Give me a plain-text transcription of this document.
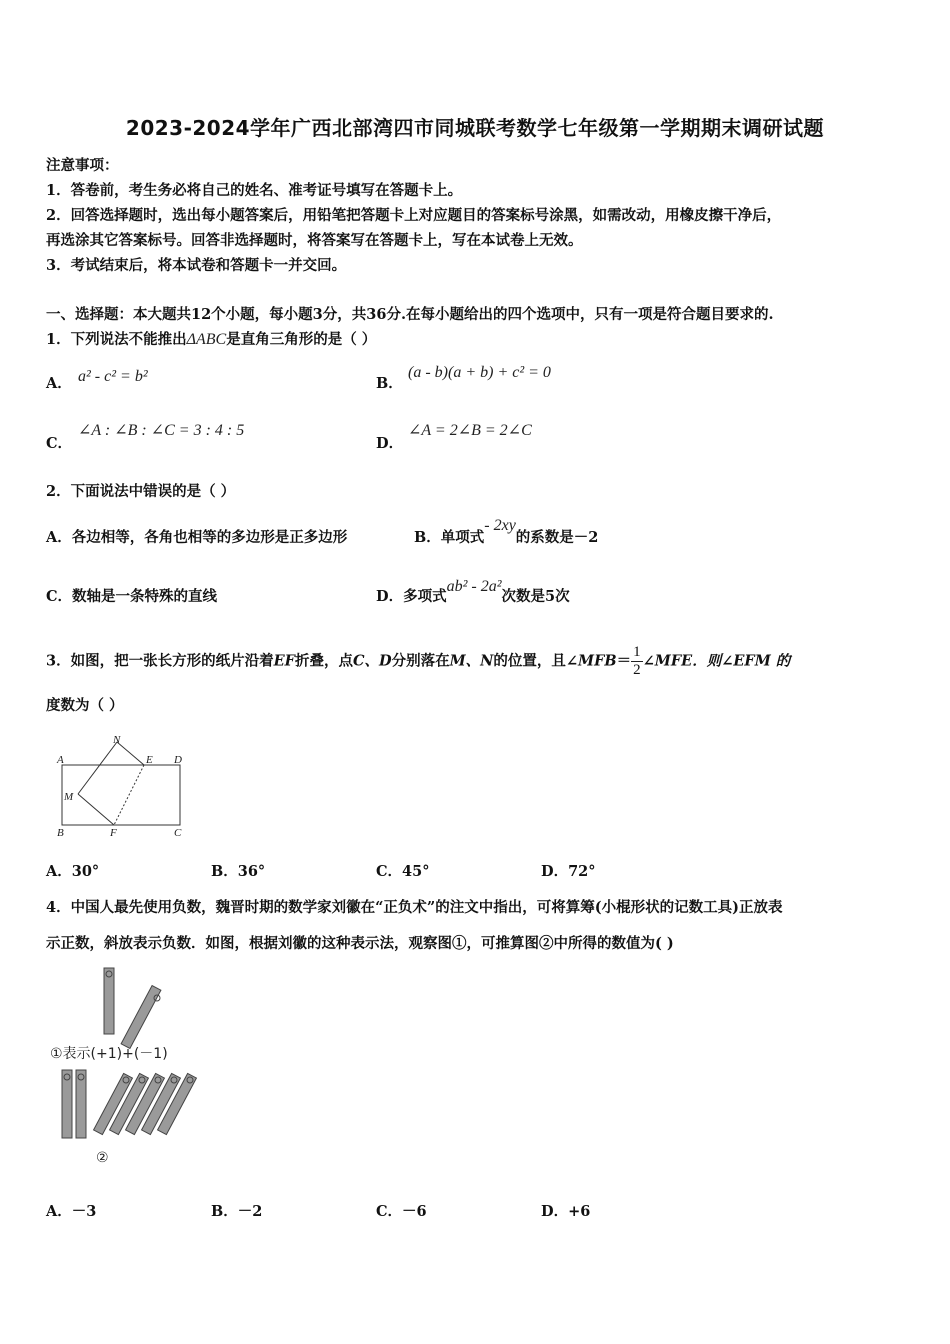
2023-2024学年广西北部湾四市同城联考数学七年级第一学期期末调研试题
注意事项：
1．答卷前，考生务必将自己的姓名、准考证号填写在答题卡上。
2．回答选择题时，选出每小题答案后，用铅笔把答题卡上对应题目的答案标号涂黑，如需改动，用橡皮擦干净后，
再选涂其它答案标号。回答非选择题时，将答案写在答题卡上，写在本试卷上无效。
3．考试结束后，将本试卷和答题卡一并交回。
一、选择题：本大题共12个小题，每小题3分，共36分.在每小题给出的四个选项中，只有一项是符合题目要求的.
1．下列说法不能推出ΔABC是直角三角形的是（ ）
A． a² - c² = b²	B．
(a - b)(a + b) + c² = 0
C．
∠A : ∠B : ∠C = 3 : 4 : 5
D．
∠A = 2∠B = 2∠C
2．下面说法中错误的是（ ）
A．各边相等，各角也相等的多边形是正多边形	B．单项式- 2xy的系数是－2
C．数轴是一条特殊的直线	D．多项式ab² - 2a²次数是5次
3．如图，把一张长方形的纸片沿着EF折叠，点C、D分别落在M、N的位置，且∠MFB＝ $\frac{1}{2}$ ∠MFE．则∠EFM 的
度数为（ ）
N
A	E D
M
B	F	C
A．30°	B．36°	C．45°	D．72°
4．中国人最先使用负数，魏晋时期的数学家刘徽在“正负术”的注文中指出，可将算筹(小棍形状的记数工具)正放表
示正数，斜放表示负数．如图，根据刘徽的这种表示法，观察图①，可推算图②中所得的数值为( )
①表示(+1)+(－1)
②
A．－3	B．－2	C．－6	D．+6
